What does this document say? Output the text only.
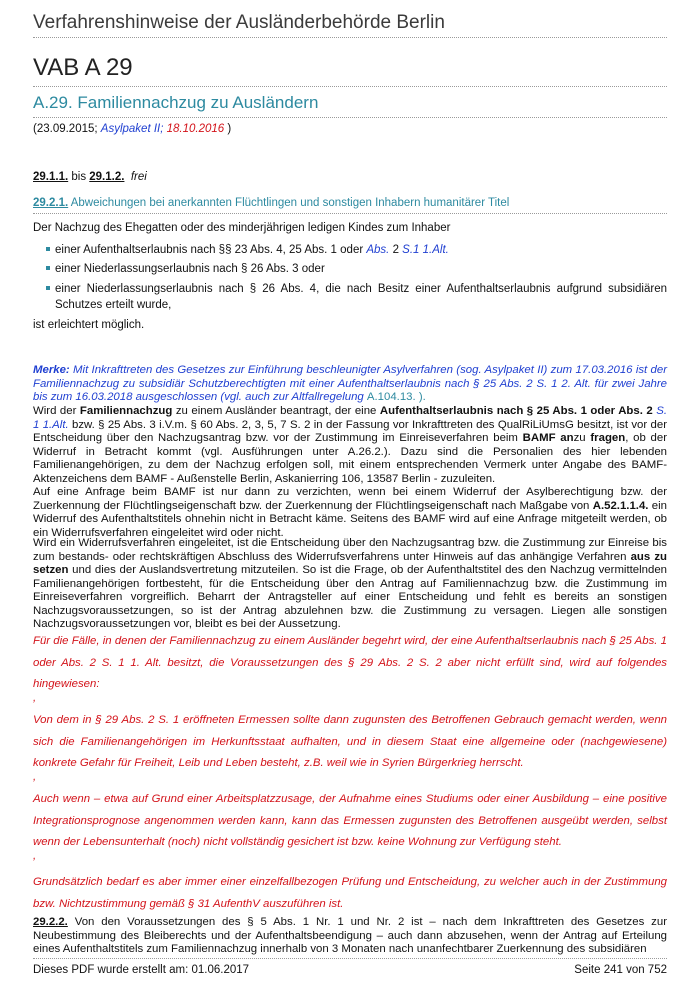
Verfahrenshinweise der Ausländerbehörde Berlin
VAB A 29
A.29. Familiennachzug zu Ausländern
(23.09.2015; Asylpaket II; 18.10.2016 )
29.1.1. bis 29.1.2. frei
29.2.1. Abweichungen bei anerkannten Flüchtlingen und sonstigen Inhabern humanitärer Titel
Der Nachzug des Ehegatten oder des minderjährigen ledigen Kindes zum Inhaber
einer Aufenthaltserlaubnis nach §§ 23 Abs. 4, 25 Abs. 1 oder Abs. 2 S.1 1.Alt.
einer Niederlassungserlaubnis nach § 26 Abs. 3 oder
einer Niederlassungserlaubnis nach § 26 Abs. 4, die nach Besitz einer Aufenthaltserlaubnis aufgrund subsidiären
Schutzes erteilt wurde,
ist erleichtert möglich.
Merke: Mit Inkrafttreten des Gesetzes zur Einführung beschleunigter Asylverfahren (sog. Asylpaket II) zum 17.03.2016 ist der Familiennachzug zu subsidiär Schutzberechtigten mit einer Aufenthaltserlaubnis nach § 25 Abs. 2 S. 1 2. Alt. für zwei Jahre bis zum 16.03.2018 ausgeschlossen (vgl. auch zur Altfallregelung A.104.13. ).
Wird der Familiennachzug zu einem Ausländer beantragt, der eine Aufenthaltserlaubnis nach § 25 Abs. 1 oder Abs. 2 S. 1 1.Alt. bzw. § 25 Abs. 3 i.V.m. § 60 Abs. 2, 3, 5, 7 S. 2 in der Fassung vor Inkrafttreten des QualRiLiUmsG besitzt, ist vor der Entscheidung über den Nachzugsantrag bzw. vor der Zustimmung im Einreiseverfahren beim BAMF anzu fragen, ob der Widerruf in Betracht kommt (vgl. Ausführungen unter A.26.2.). Dazu sind die Personalien des hier lebenden Familienangehörigen, zu dem der Nachzug erfolgen soll, mit einem entsprechenden Vermerk unter Angabe des BAMF-Aktenzeichens dem BAMF - Außenstelle Berlin, Askanierring 106, 13587 Berlin - zuzuleiten.
Auf eine Anfrage beim BAMF ist nur dann zu verzichten, wenn bei einem Widerruf der Asylberechtigung bzw. der Zuerkennung der Flüchtlingseigenschaft bzw. der Zuerkennung der Flüchtlingseigenschaft nach Maßgabe von A.52.1.1.4. ein Widerruf des Aufenthaltstitels ohnehin nicht in Betracht käme. Seitens des BAMF wird auf eine Anfrage mitgeteilt werden, ob ein Widerrufsverfahren eingeleitet wird oder nicht.
Wird ein Widerrufsverfahren eingeleitet, ist die Entscheidung über den Nachzugsantrag bzw. die Zustimmung zur Einreise bis zum bestands- oder rechtskräftigen Abschluss des Widerrufsverfahrens unter Hinweis auf das anhängige Verfahren aus zu setzen und dies der Auslandsvertretung mitzuteilen. So ist die Frage, ob der Aufenthaltstitel des den Nachzug vermittelnden Familienangehörigen fortbesteht, für die Entscheidung über den Antrag auf Familiennachzug bzw. die Zustimmung im Einreiseverfahren vorgreiflich. Beharrt der Antragsteller auf einer Entscheidung und fehlt es bereits an sonstigen Nachzugsvoraussetzungen, so ist der Antrag abzulehnen bzw. die Zustimmung zu versagen. Liegen alle sonstigen Nachzugsvoraussetzungen vor, bleibt es bei der Aussetzung.
Für die Fälle, in denen der Familiennachzug zu einem Ausländer begehrt wird, der eine Aufenthaltserlaubnis nach § 25 Abs. 1 oder Abs. 2 S. 1 1. Alt. besitzt, die Voraussetzungen des § 29 Abs. 2 S. 2 aber nicht erfüllt sind, wird auf folgendes hingewiesen:
,
Von dem in § 29 Abs. 2 S. 1 eröffneten Ermessen sollte dann zugunsten des Betroffenen Gebrauch gemacht werden, wenn sich die Familienangehörigen im Herkunftsstaat aufhalten, und in diesem Staat eine allgemeine oder (nachgewiesene) konkrete Gefahr für Freiheit, Leib und Leben besteht, z.B. weil wie in Syrien Bürgerkrieg herrscht.
,
Auch wenn – etwa auf Grund einer Arbeitsplatzzusage, der Aufnahme eines Studiums oder einer Ausbildung – eine positive Integrationsprognose angenommen werden kann, kann das Ermessen zugunsten des Betroffenen ausgeübt werden, selbst wenn der Lebensunterhalt (noch) nicht vollständig gesichert ist bzw. keine Wohnung zur Verfügung steht.
,
Grundsätzlich bedarf es aber immer einer einzelfallbezogen Prüfung und Entscheidung, zu welcher auch in der Zustimmung bzw. Nichtzustimmung gemäß § 31 AufenthV auszuführen ist.
29.2.2. Von den Voraussetzungen des § 5 Abs. 1 Nr. 1 und Nr. 2 ist – nach dem Inkrafttreten des Gesetzes zur Neubestimmung des Bleiberechts und der Aufenthaltsbeendigung – auch dann abzusehen, wenn der Antrag auf Erteilung eines Aufenthaltstitels zum Familiennachzug innerhalb von 3 Monaten nach unanfechtbarer Zuerkennung des subsidiären
Dieses PDF wurde erstellt am: 01.06.2017	Seite 241 von 752
